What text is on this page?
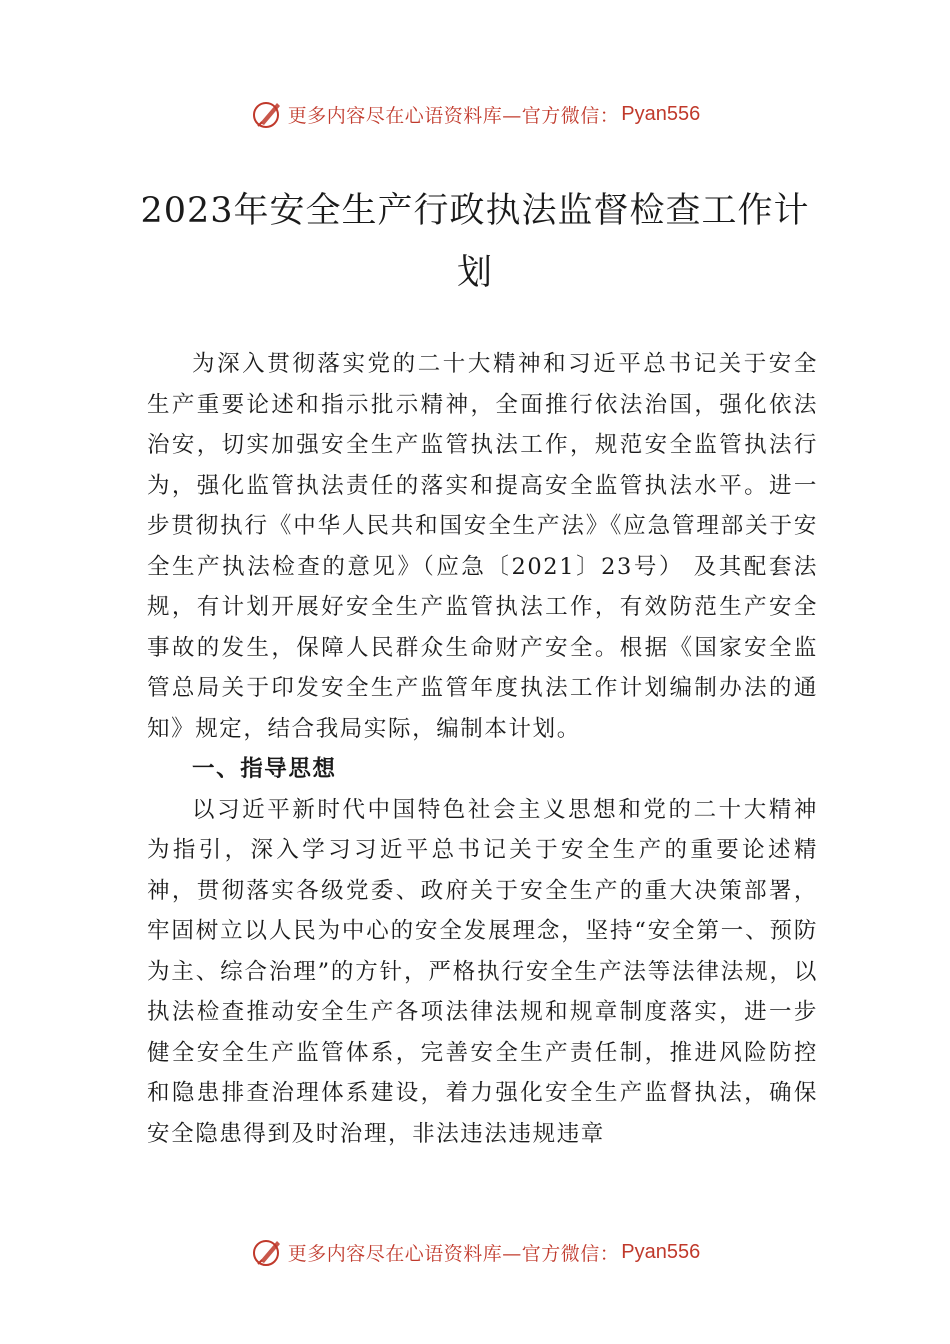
更多内容尽在心语资料库—官方微信： Pyan556
2023年安全生产行政执法监督检查工作计划

为深入贯彻落实党的二十大精神和习近平总书记关于安全生产重要论述和指示批示精神，全面推行依法治国，强化依法治安，切实加强安全生产监管执法工作，规范安全监管执法行为，强化监管执法责任的落实和提高安全监管执法水平。进一步贯彻执行《中华人民共和国安全生产法》《应急管理部关于安全生产执法检查的意见》（应急〔2021〕23号） 及其配套法规，有计划开展好安全生产监管执法工作，有效防范生产安全事故的发生，保障人民群众生命财产安全。根据《国家安全监管总局关于印发安全生产监管年度执法工作计划编制办法的通知》规定，结合我局实际，编制本计划。

一、指导思想

以习近平新时代中国特色社会主义思想和党的二十大精神为指引，深入学习习近平总书记关于安全生产的重要论述精神，贯彻落实各级党委、政府关于安全生产的重大决策部署，牢固树立以人民为中心的安全发展理念，坚持“安全第一、预防为主、综合治理”的方针，严格执行安全生产法等法律法规，以执法检查推动安全生产各项法律法规和规章制度落实，进一步健全安全生产监管体系，完善安全生产责任制，推进风险防控和隐患排查治理体系建设，着力强化安全生产监督执法，确保安全隐患得到及时治理，非法违法违规违章

更多内容尽在心语资料库—官方微信： Pyan556
